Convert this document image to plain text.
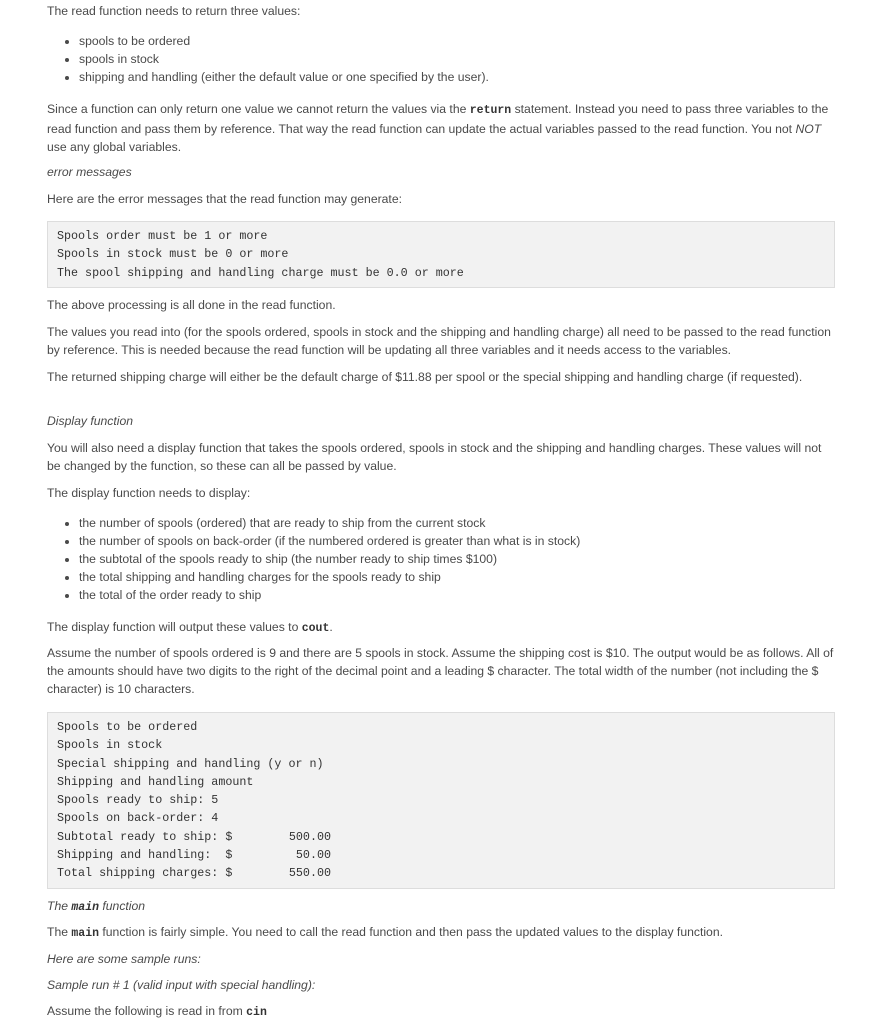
The read function needs to return three values:

• spools to be ordered
• spools in stock
• shipping and handling (either the default value or one specified by the user).

Since a function can only return one value we cannot return the values via the return statement. Instead you need to pass three variables to the read function and pass them by reference. That way the read function can update the actual variables passed to the read function. You not NOT use any global variables.

error messages

Here are the error messages that the read function may generate:

Spools order must be 1 or more
Spools in stock must be 0 or more
The spool shipping and handling charge must be 0.0 or more

The above processing is all done in the read function.

The values you read into (for the spools ordered, spools in stock and the shipping and handling charge) all need to be passed to the read function by reference. This is needed because the read function will be updating all three variables and it needs access to the variables.

The returned shipping charge will either be the default charge of $11.88 per spool or the special shipping and handling charge (if requested).

Display function

You will also need a display function that takes the spools ordered, spools in stock and the shipping and handling charges. These values will not be changed by the function, so these can all be passed by value.

The display function needs to display:

• the number of spools (ordered) that are ready to ship from the current stock
• the number of spools on back-order (if the numbered ordered is greater than what is in stock)
• the subtotal of the spools ready to ship (the number ready to ship times $100)
• the total shipping and handling charges for the spools ready to ship
• the total of the order ready to ship

The display function will output these values to cout.

Assume the number of spools ordered is 9 and there are 5 spools in stock. Assume the shipping cost is $10. The output would be as follows. All of the amounts should have two digits to the right of the decimal point and a leading $ character. The total width of the number (not including the $ character) is 10 characters.

Spools to be ordered
Spools in stock
Special shipping and handling (y or n)
Shipping and handling amount
Spools ready to ship: 5
Spools on back-order: 4
Subtotal ready to ship: $	500.00
Shipping and handling:  $	50.00
Total shipping charges: $	550.00

The main function

The main function is fairly simple. You need to call the read function and then pass the updated values to the display function.

Here are some sample runs:

Sample run # 1 (valid input with special handling):

Assume the following is read in from cin
